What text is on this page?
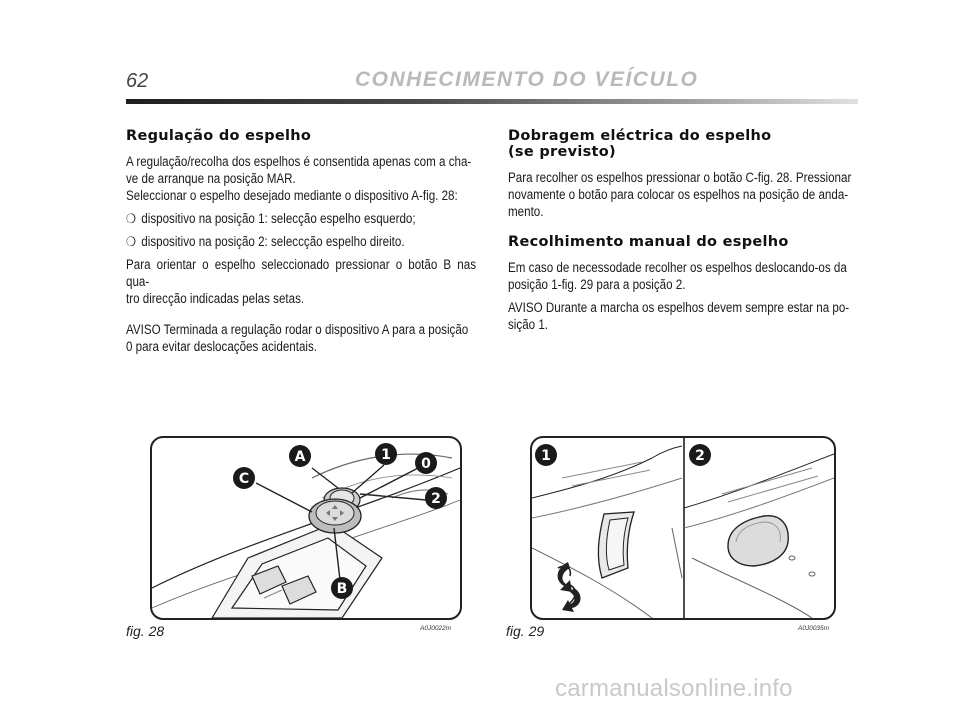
62	CONHECIMENTO DO VEÍCULO
Regulação do espelho

A regulação/recolha dos espelhos é consentida apenas com a cha-

ve de arranque na posição MAR.

Seleccionar o espelho desejado mediante o dispositivo A-fig. 28:

❍ dispositivo na posição 1: selecção espelho esquerdo;

❍ dispositivo na posição 2: seleccção espelho direito.

Para orientar o espelho seleccionado pressionar o botão B nas qua-

tro direcção indicadas pelas setas.

AVISO Terminada a regulação rodar o dispositivo A para a posição

0 para evitar deslocações acidentais.

Dobragem eléctrica do espelho
(se previsto)

Para recolher os espelhos pressionar o botão C-fig. 28. Pressionar

novamente o botão para colocar os espelhos na posição de anda-

mento.

Recolhimento manual do espelho

Em caso de necessodade recolher os espelhos deslocando-os da

posição 1-fig. 29 para a posição 2.

AVISO Durante a marcha os espelhos devem sempre estar na po-

sição 1.

A	1
0
2
C
B
fig. 28	A0J0022m
1	2
fig. 29	A0J0035m
carmanualsonline.info
